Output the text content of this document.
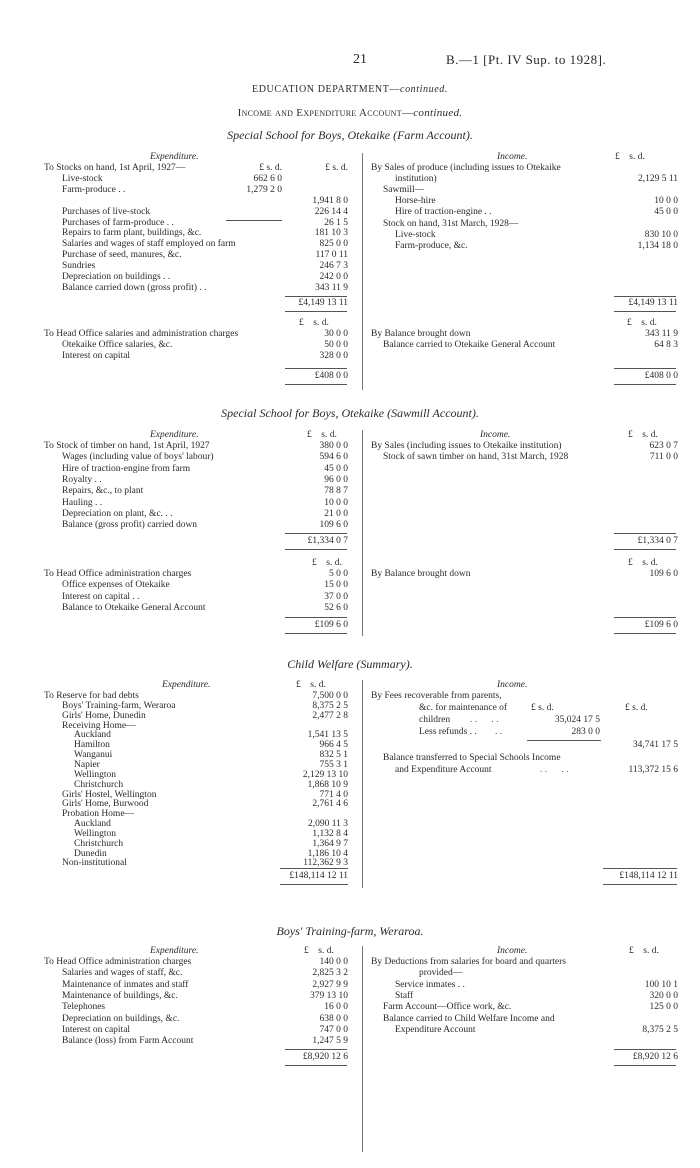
21	B.—1 [Pt. IV Sup. to 1928].
EDUCATION DEPARTMENT—continued.
Income and Expenditure Account—continued.
Special School for Boys, Otekaike (Farm Account).
Expenditure.	Income.	£ s. d.
To Stocks on hand, 1st April, 1927—	£ s. d.	£ s. d.
Live-stock	662 6 0
Farm-produce . .	1,279 2 0
1,941 8 0
Purchases of live-stock	226 14 4
Purchases of farm-produce . .	26 1 5
Repairs to farm plant, buildings, &c.	181 10 3
Salaries and wages of staff employed on farm	825 0 0
Purchase of seed, manures, &c.	117 0 11
Sundries	246 7 3
Depreciation on buildings . .	242 0 0
Balance carried down (gross profit) . .	343 11 9
By Sales of produce (including issues to Otekaike
institution)	2,129 5 11
Sawmill—
Horse-hire	10 0 0
Hire of traction-engine . .	45 0 0
Stock on hand, 31st March, 1928—
Live-stock	830 10 0
Farm-produce, &c.	1,134 18 0
£4,149 13 11	£4,149 13 11
£ s. d.	£ s. d.
To Head Office salaries and administration charges	30 0 0
Otekaike Office salaries, &c.	50 0 0
Interest on capital	328 0 0
By Balance brought down	343 11 9
Balance carried to Otekaike General Account	64 8 3
£408 0 0	£408 0 0
Special School for Boys, Otekaike (Sawmill Account).
Expenditure.	£ s. d.	Income.	£ s. d.
To Stock of timber on hand, 1st April, 1927	380 0 0
Wages (including value of boys' labour)	594 6 0
Hire of traction-engine from farm	45 0 0
Royalty . .	96 0 0
Repairs, &c., to plant	78 8 7
Hauling . .	10 0 0
Depreciation on plant, &c. . .	21 0 0
Balance (gross profit) carried down	109 6 0
By Sales (including issues to Otekaike institution)	623 0 7
Stock of sawn timber on hand, 31st March, 1928	711 0 0
£1,334 0 7	£1,334 0 7
£ s. d.	£ s. d.
To Head Office administration charges	5 0 0
Office expenses of Otekaike	15 0 0
Interest on capital . .	37 0 0
Balance to Otekaike General Account	52 6 0
By Balance brought down	109 6 0
£109 6 0	£109 6 0
Child Welfare (Summary).
Expenditure.	£ s. d.	Income.
To Reserve for bad debts	7,500 0 0
Boys' Training-farm, Weraroa	8,375 2 5
Girls' Home, Dunedin	2,477 2 8
Receiving Home—
Auckland	1,541 13 5
Hamilton	966 4 5
Wanganui	832 5 1
Napier	755 3 1
Wellington	2,129 13 10
Christchurch	1,868 10 9
Girls' Hostel, Wellington	771 4 0
Girls' Home, Burwood	2,761 4 6
Probation Home—
Auckland	2,090 11 3
Wellington	1,132 8 4
Christchurch	1,364 9 7
Dunedin	1,186 10 4
Non-institutional	112,362 9 3
By Fees recoverable from parents,
&c. for maintenance of	£ s. d.	£ s. d.
children . .      . .	35,024 17 5
Less refunds . . . .	283 0 0
34,741 17 5
Balance transferred to Special Schools Income
and Expenditure Account	. .      . .	113,372 15 6
£148,114 12 11	£148,114 12 11
Boys' Training-farm, Weraroa.
Expenditure.	£ s. d.	Income.	£ s. d.
To Head Office administration charges	140 0 0
Salaries and wages of staff, &c.	2,825 3 2
Maintenance of inmates and staff	2,927 9 9
Maintenance of buildings, &c.	379 13 10
Telephones	16 0 0
Depreciation on buildings, &c.	638 0 0
Interest on capital	747 0 0
Balance (loss) from Farm Account	1,247 5 9
By Deductions from salaries for board and quarters
provided—
Service inmates . .	100 10 1
Staff	320 0 0
Farm Account—Office work, &c.	125 0 0
Balance carried to Child Welfare Income and
Expenditure Account	8,375 2 5
£8,920 12 6	£8,920 12 6
